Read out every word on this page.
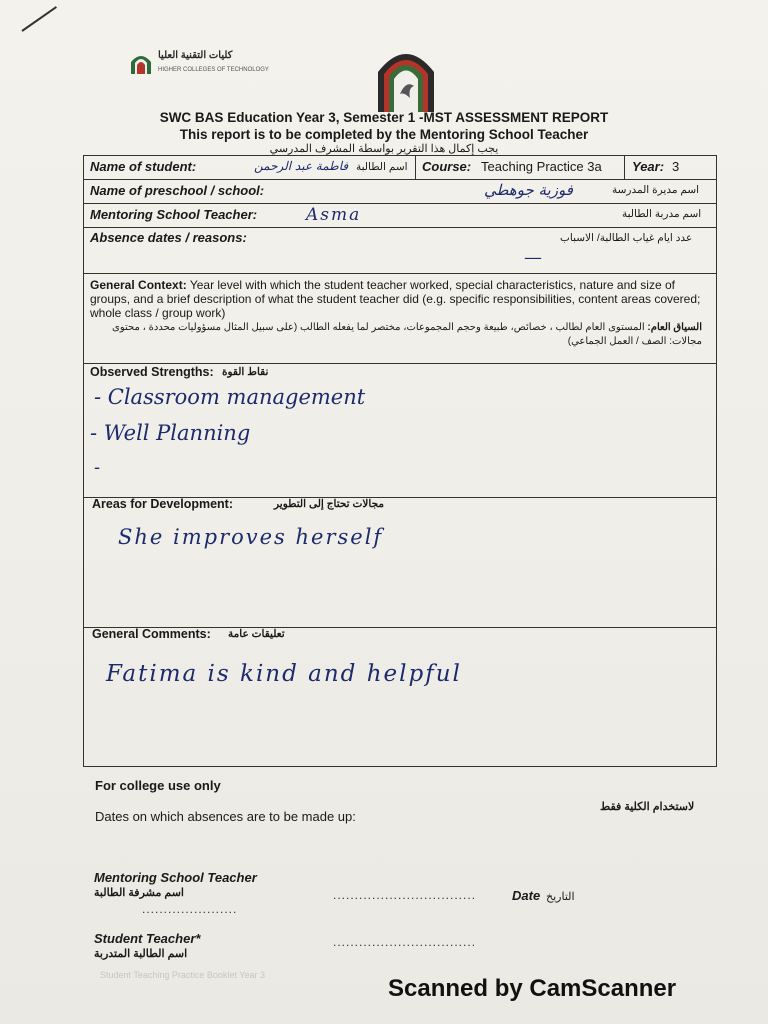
كليات التقنية العليا
HIGHER COLLEGES OF TECHNOLOGY
SWC BAS Education Year 3, Semester 1 -MST ASSESSMENT REPORT
This report is to be completed by the Mentoring School Teacher
يجب إكمال هذا التقرير بواسطة المشرف المدرسي
Name of student:	فاطمة عبد الرحمن اسم الطالبة Course: Teaching Practice 3a Year: 3
Name of preschool / school:	فوزية جوهطي	اسم مديرة المدرسة
Mentoring School Teacher:	Asma	اسم مدربة الطالبة
Absence dates / reasons:	عدد ايام غياب الطالبة/ الاسباب
—
General Context: Year level with which the student teacher worked, special characteristics, nature and size of groups, and a brief description of what the student teacher did (e.g. specific responsibilities, content areas covered; whole class / group work)
السياق العام: المستوى العام لطالب ، خصائص، طبيعة وحجم المجموعات، مختصر لما يفعله الطالب (على سبيل المثال مسؤوليات محددة ، محتوى مجالات: الصف / العمل الجماعي)
Observed Strengths: نقاط القوة
- Classroom management
- Well Planning
-
Areas for Development:	مجالات تحتاج إلى التطوير
She improves herself
General Comments: تعليقات عامة
Fatima is kind and helpful
For college use only
لاستخدام الكلية فقط
Dates on which absences are to be made up:
Mentoring School Teacher
اسم مشرفة الطالبة
......................
.................................	Date التاريخ
Student Teacher*
اسم الطالبة المتدربة
.................................
Student Teaching Practice Booklet Year 3	Scanned by CamScanner
